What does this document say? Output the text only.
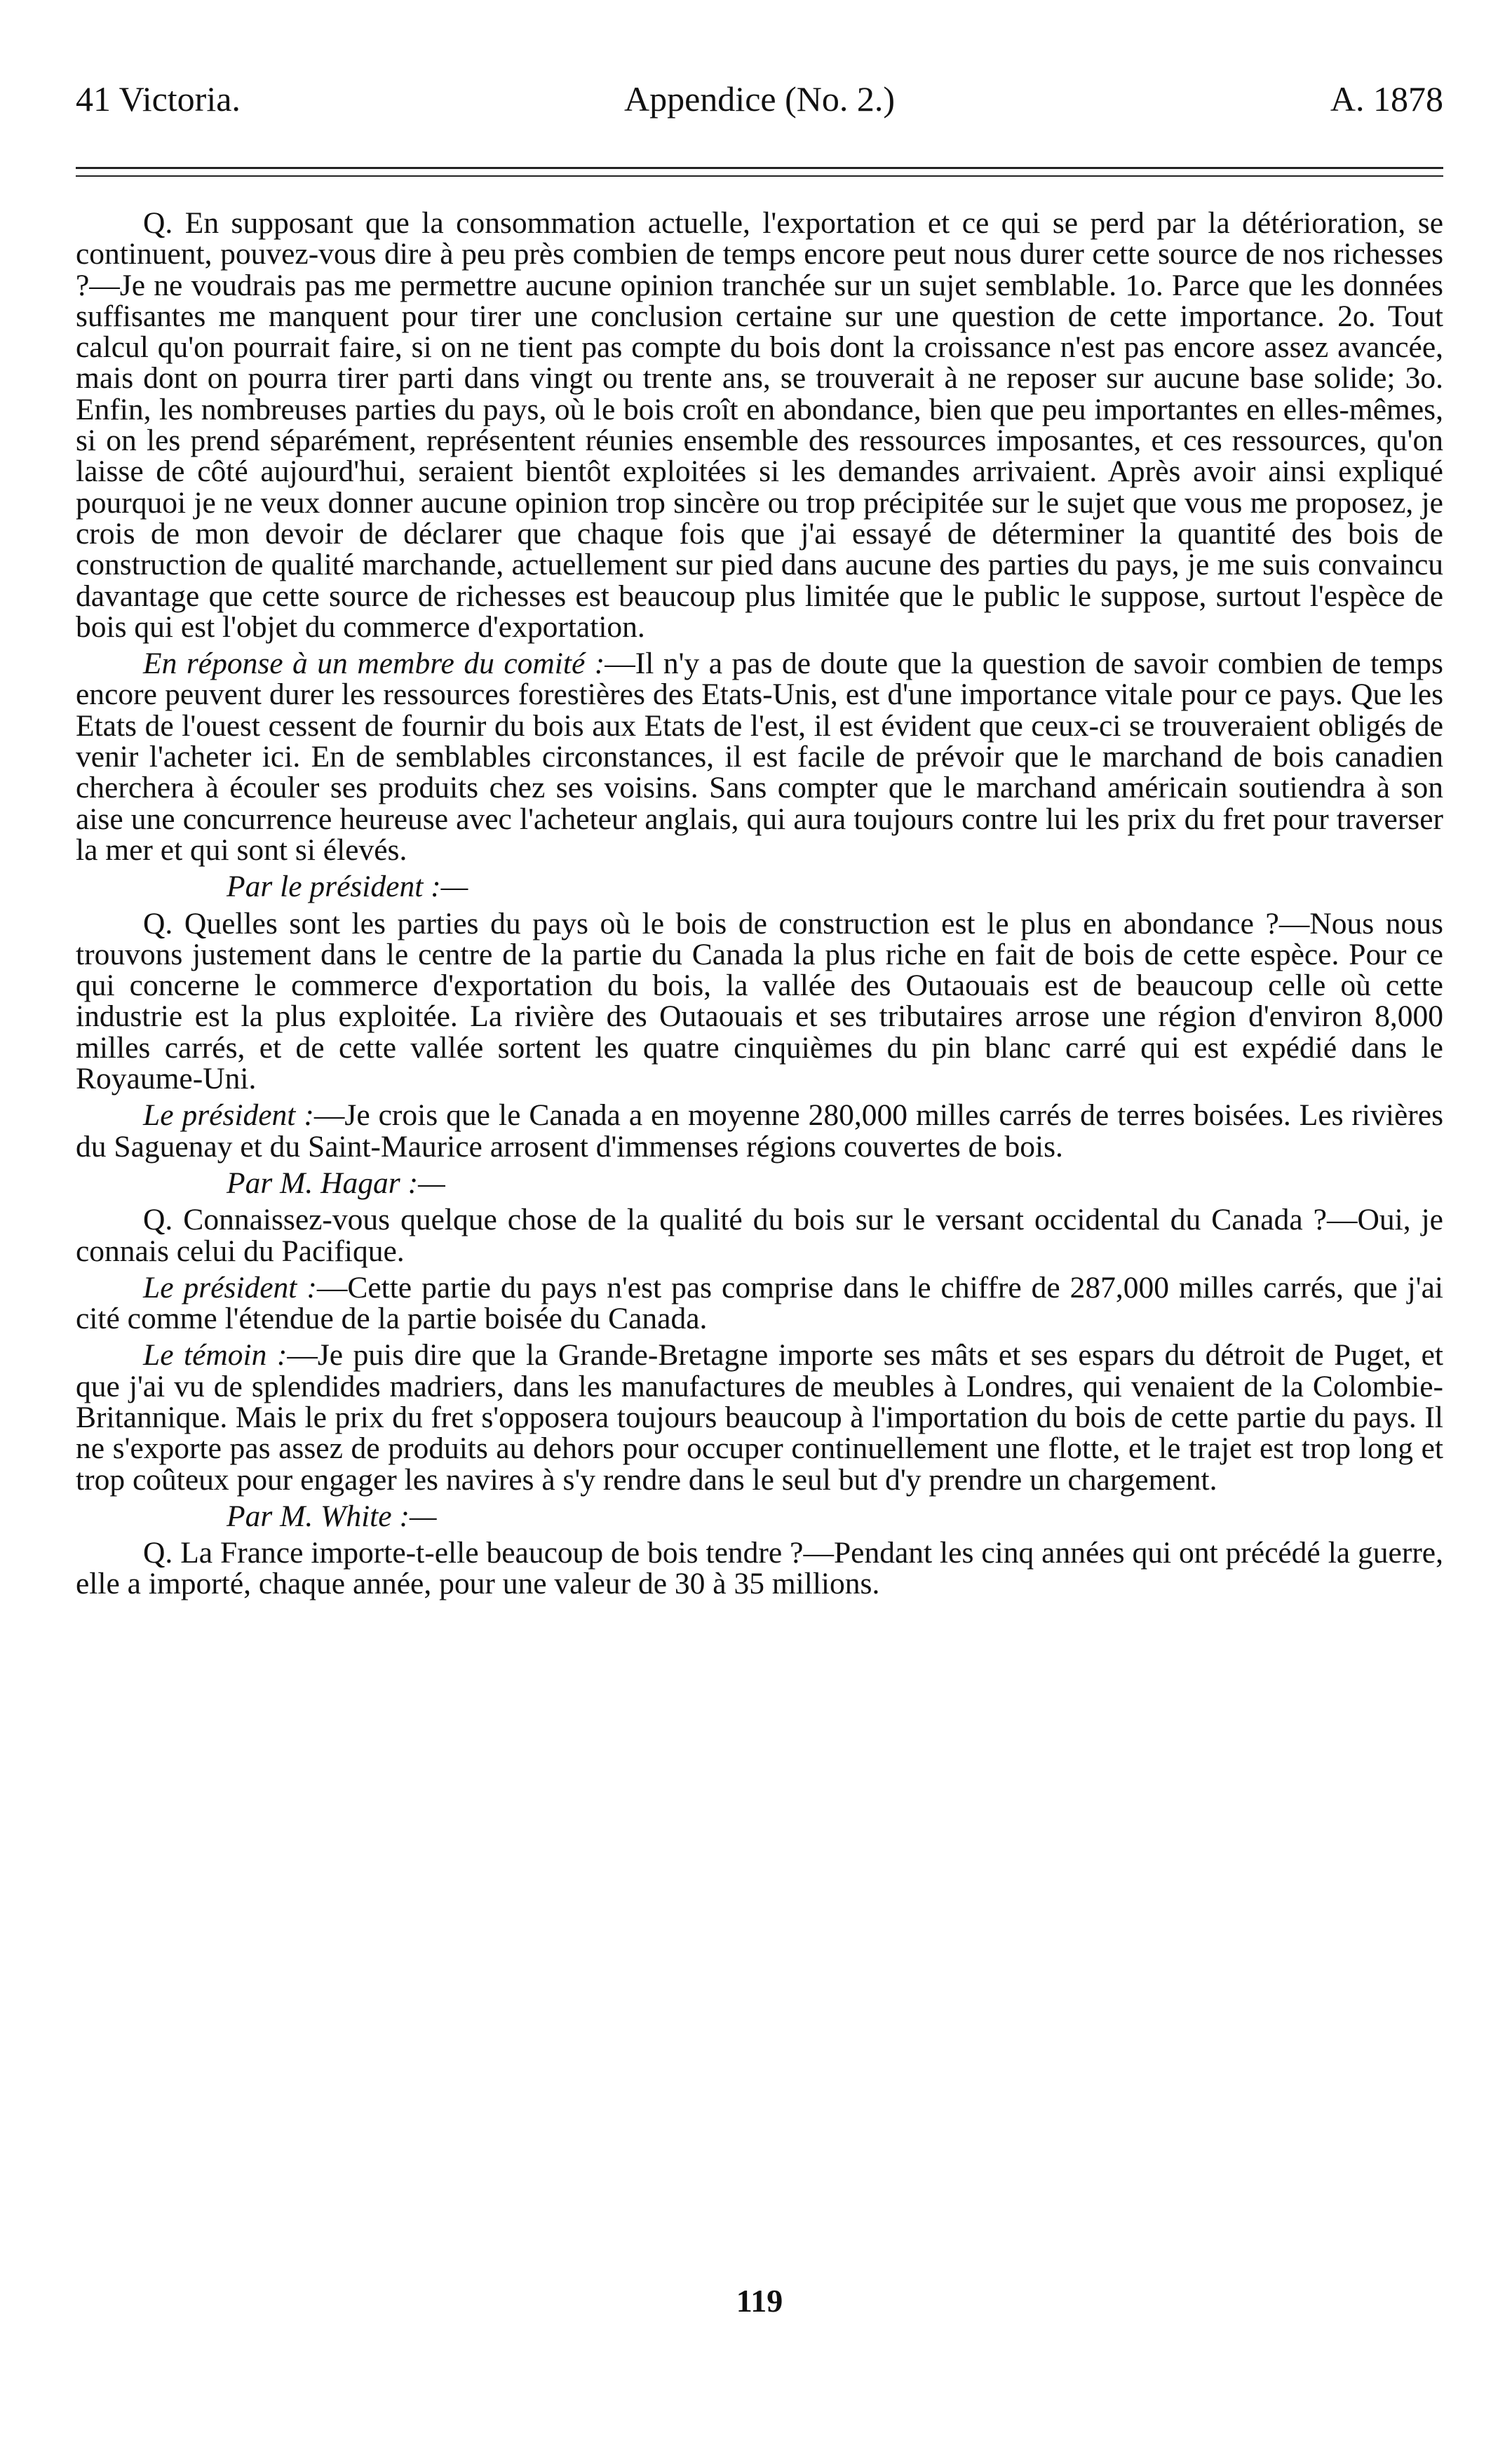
41 Victoria.	Appendice (No. 2.)	A. 1878

Q. En supposant que la consommation actuelle, l'exportation et ce qui se perd par la détérioration, se continuent, pouvez-vous dire à peu près combien de temps encore peut nous durer cette source de nos richesses ?—Je ne voudrais pas me permettre aucune opinion tranchée sur un sujet semblable. 1o. Parce que les données suffisantes me manquent pour tirer une conclusion certaine sur une question de cette importance. 2o. Tout calcul qu'on pourrait faire, si on ne tient pas compte du bois dont la croissance n'est pas encore assez avancée, mais dont on pourra tirer parti dans vingt ou trente ans, se trouverait à ne reposer sur aucune base solide; 3o. Enfin, les nombreuses parties du pays, où le bois croît en abondance, bien que peu importantes en elles-mêmes, si on les prend séparément, représentent réunies ensemble des ressources imposantes, et ces ressources, qu'on laisse de côté aujourd'hui, seraient bientôt exploitées si les demandes arrivaient. Après avoir ainsi expliqué pourquoi je ne veux donner aucune opinion trop sincère ou trop précipitée sur le sujet que vous me proposez, je crois de mon devoir de déclarer que chaque fois que j'ai essayé de déterminer la quantité des bois de construction de qualité marchande, actuellement sur pied dans aucune des parties du pays, je me suis convaincu davantage que cette source de richesses est beaucoup plus limitée que le public le suppose, surtout l'espèce de bois qui est l'objet du commerce d'exportation.

En réponse à un membre du comité :—Il n'y a pas de doute que la question de savoir combien de temps encore peuvent durer les ressources forestières des Etats-Unis, est d'une importance vitale pour ce pays. Que les Etats de l'ouest cessent de fournir du bois aux Etats de l'est, il est évident que ceux-ci se trouveraient obligés de venir l'acheter ici. En de semblables circonstances, il est facile de prévoir que le marchand de bois canadien cherchera à écouler ses produits chez ses voisins. Sans compter que le marchand américain soutiendra à son aise une concurrence heureuse avec l'acheteur anglais, qui aura toujours contre lui les prix du fret pour traverser la mer et qui sont si élevés.

Par le président :—

Q. Quelles sont les parties du pays où le bois de construction est le plus en abondance ?—Nous nous trouvons justement dans le centre de la partie du Canada la plus riche en fait de bois de cette espèce. Pour ce qui concerne le commerce d'exportation du bois, la vallée des Outaouais est de beaucoup celle où cette industrie est la plus exploitée. La rivière des Outaouais et ses tributaires arrose une région d'environ 8,000 milles carrés, et de cette vallée sortent les quatre cinquièmes du pin blanc carré qui est expédié dans le Royaume-Uni.

Le président :—Je crois que le Canada a en moyenne 280,000 milles carrés de terres boisées. Les rivières du Saguenay et du Saint-Maurice arrosent d'immenses régions couvertes de bois.

Par M. Hagar :—

Q. Connaissez-vous quelque chose de la qualité du bois sur le versant occidental du Canada ?—Oui, je connais celui du Pacifique.

Le président :—Cette partie du pays n'est pas comprise dans le chiffre de 287,000 milles carrés, que j'ai cité comme l'étendue de la partie boisée du Canada.

Le témoin :—Je puis dire que la Grande-Bretagne importe ses mâts et ses espars du détroit de Puget, et que j'ai vu de splendides madriers, dans les manufactures de meubles à Londres, qui venaient de la Colombie-Britannique. Mais le prix du fret s'opposera toujours beaucoup à l'importation du bois de cette partie du pays. Il ne s'exporte pas assez de produits au dehors pour occuper continuellement une flotte, et le trajet est trop long et trop coûteux pour engager les navires à s'y rendre dans le seul but d'y prendre un chargement.

Par M. White :—

Q. La France importe-t-elle beaucoup de bois tendre ?—Pendant les cinq années qui ont précédé la guerre, elle a importé, chaque année, pour une valeur de 30 à 35 millions.

119
